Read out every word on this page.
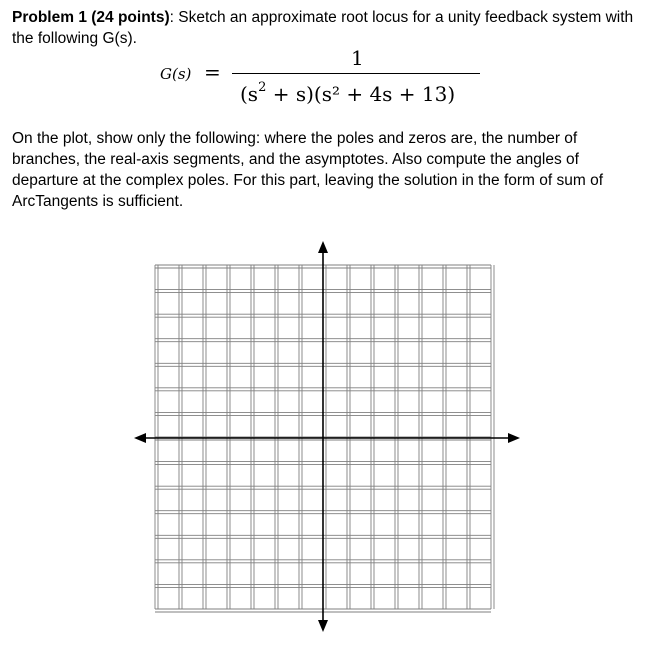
Problem 1 (24 points): Sketch an approximate root locus for a unity feedback system with the following G(s).
G(s) =
1
$(s^2 + s)(s^2 + 4s + 13)$
On the plot, show only the following: where the poles and zeros are, the number of branches, the real-axis segments, and the asymptotes. Also compute the angles of departure at the complex poles. For this part, leaving the solution in the form of sum of ArcTangents is sufficient.
